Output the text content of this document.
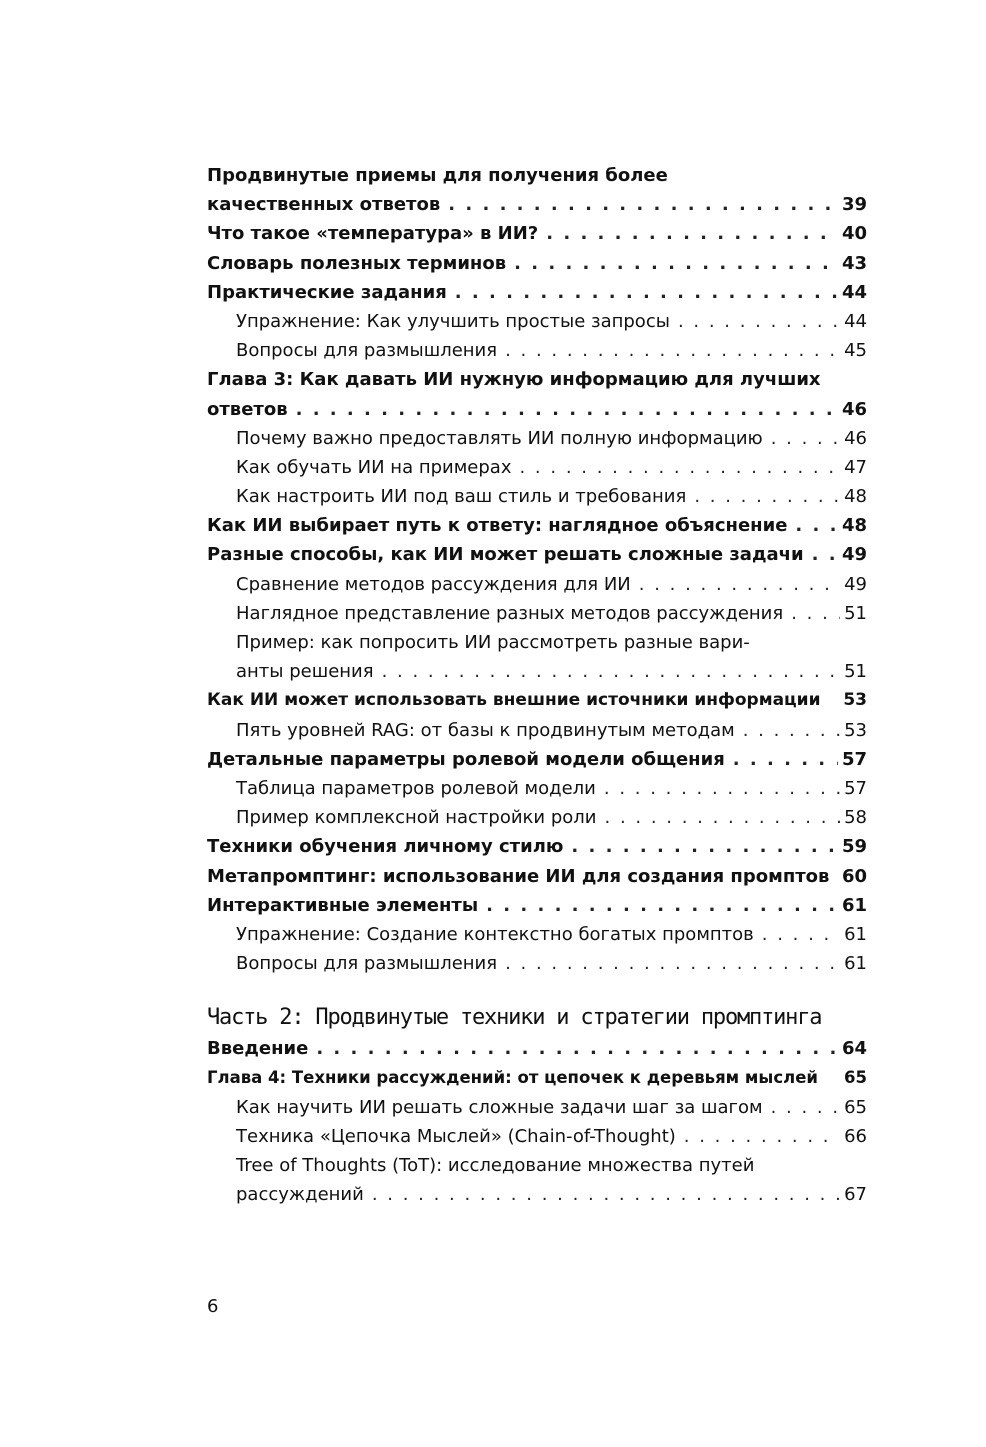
Продвинутые приемы для получения более
качественных ответов . . .	39
Что такое «температура» в ИИ? . . .	40
Словарь полезных терминов . . .	43
Практические задания . . .	44
Упражнение: Как улучшить простые запросы . . .	44
Вопросы для размышления . . .	45
Глава 3: Как давать ИИ нужную информацию для лучших
ответов . . .	46
Почему важно предоставлять ИИ полную информацию . . .	46
Как обучать ИИ на примерах . . .	47
Как настроить ИИ под ваш стиль и требования . . .	48
Как ИИ выбирает путь к ответу: наглядное объяснение . . .	48
Разные способы, как ИИ может решать сложные задачи . . . 49
Сравнение методов рассуждения для ИИ . . .	49
Наглядное представление разных методов рассуждения . . .	51
Пример: как попросить ИИ рассмотреть разные вари-
анты решения . . .	51
Как ИИ может использовать внешние источники информации 53
Пять уровней RAG: от базы к продвинутым методам . . .	53
Детальные параметры ролевой модели общения . . .	57
Таблица параметров ролевой модели . . .	57
Пример комплексной настройки роли . . .	58
Техники обучения личному стилю . . .	59
Метапромптинг: использование ИИ для создания промптов . . . 60
Интерактивные элементы . . .	61
Упражнение: Создание контекстно богатых промптов . . .	61
Вопросы для размышления . . .	61
Часть 2: Продвинутые техники и стратегии промптинга
Введение . . .	64
Глава 4: Техники рассуждений: от цепочек к деревьям мыслей 65
Как научить ИИ решать сложные задачи шаг за шагом . . .	65
Техника «Цепочка Мыслей» (Chain-of-Thought) . . .	66
Tree of Thoughts (ToT): исследование множества путей
рассуждений . . .	67
6
